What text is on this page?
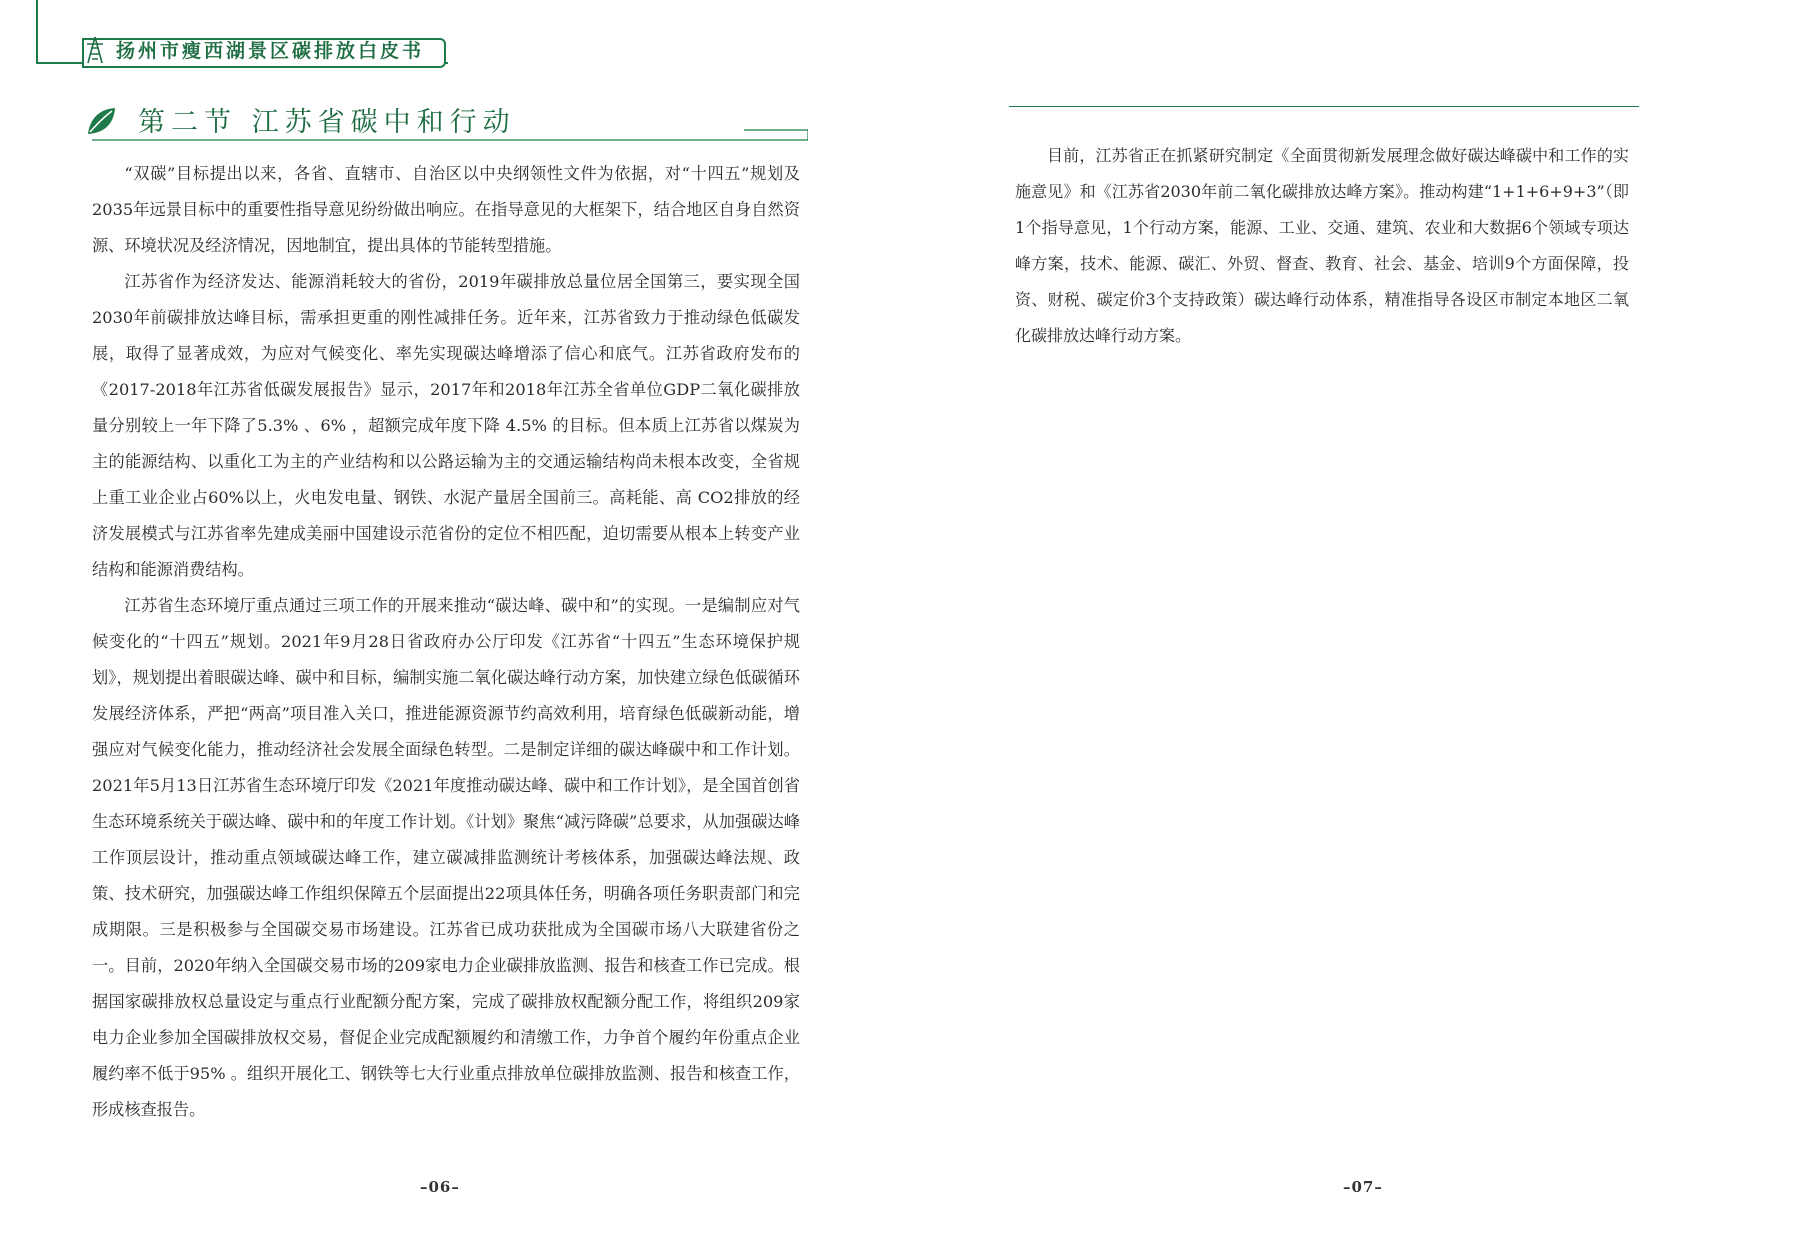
扬州市瘦西湖景区碳排放白皮书
第二节 江苏省碳中和行动

“双碳”目标提出以来，各省、直辖市、自治区以中央纲领性文件为依据，对“十四五”规划及2035年远景目标中的重要性指导意见纷纷做出响应。在指导意见的大框架下，结合地区自身自然资源、环境状况及经济情况，因地制宜，提出具体的节能转型措施。

江苏省作为经济发达、能源消耗较大的省份，2019年碳排放总量位居全国第三，要实现全国2030年前碳排放达峰目标，需承担更重的刚性减排任务。近年来，江苏省致力于推动绿色低碳发展，取得了显著成效，为应对气候变化、率先实现碳达峰增添了信心和底气。江苏省政府发布的《2017-2018年江苏省低碳发展报告》显示，2017年和2018年江苏全省单位GDP二氧化碳排放量分别较上一年下降了5.3% 、6% ，超额完成年度下降 4.5% 的目标。但本质上江苏省以煤炭为主的能源结构、以重化工为主的产业结构和以公路运输为主的交通运输结构尚未根本改变，全省规上重工业企业占60%以上，火电发电量、钢铁、水泥产量居全国前三。高耗能、高 CO2排放的经济发展模式与江苏省率先建成美丽中国建设示范省份的定位不相匹配，迫切需要从根本上转变产业结构和能源消费结构。

江苏省生态环境厅重点通过三项工作的开展来推动“碳达峰、碳中和”的实现。一是编制应对气候变化的“十四五”规划。2021年9月28日省政府办公厅印发《江苏省“十四五”生态环境保护规划》，规划提出着眼碳达峰、碳中和目标，编制实施二氧化碳达峰行动方案，加快建立绿色低碳循环发展经济体系，严把“两高”项目准入关口，推进能源资源节约高效利用，培育绿色低碳新动能，增强应对气候变化能力，推动经济社会发展全面绿色转型。二是制定详细的碳达峰碳中和工作计划。2021年5月13日江苏省生态环境厅印发《2021年度推动碳达峰、碳中和工作计划》，是全国首创省生态环境系统关于碳达峰、碳中和的年度工作计划。《计划》聚焦“减污降碳”总要求，从加强碳达峰工作顶层设计，推动重点领域碳达峰工作，建立碳减排监测统计考核体系，加强碳达峰法规、政策、技术研究，加强碳达峰工作组织保障五个层面提出22项具体任务，明确各项任务职责部门和完成期限。三是积极参与全国碳交易市场建设。江苏省已成功获批成为全国碳市场八大联建省份之一。目前，2020年纳入全国碳交易市场的209家电力企业碳排放监测、报告和核查工作已完成。根据国家碳排放权总量设定与重点行业配额分配方案，完成了碳排放权配额分配工作，将组织209家电力企业参加全国碳排放权交易，督促企业完成配额履约和清缴工作，力争首个履约年份重点企业履约率不低于95% 。组织开展化工、钢铁等七大行业重点排放单位碳排放监测、报告和核查工作，形成核查报告。

–06–

目前，江苏省正在抓紧研究制定《全面贯彻新发展理念做好碳达峰碳中和工作的实施意见》和《江苏省2030年前二氧化碳排放达峰方案》。推动构建“1+1+6+9+3”（即1个指导意见，1个行动方案，能源、工业、交通、建筑、农业和大数据6个领域专项达峰方案，技术、能源、碳汇、外贸、督查、教育、社会、基金、培训9个方面保障，投资、财税、碳定价3个支持政策）碳达峰行动体系，精准指导各设区市制定本地区二氧化碳排放达峰行动方案。

–07–
